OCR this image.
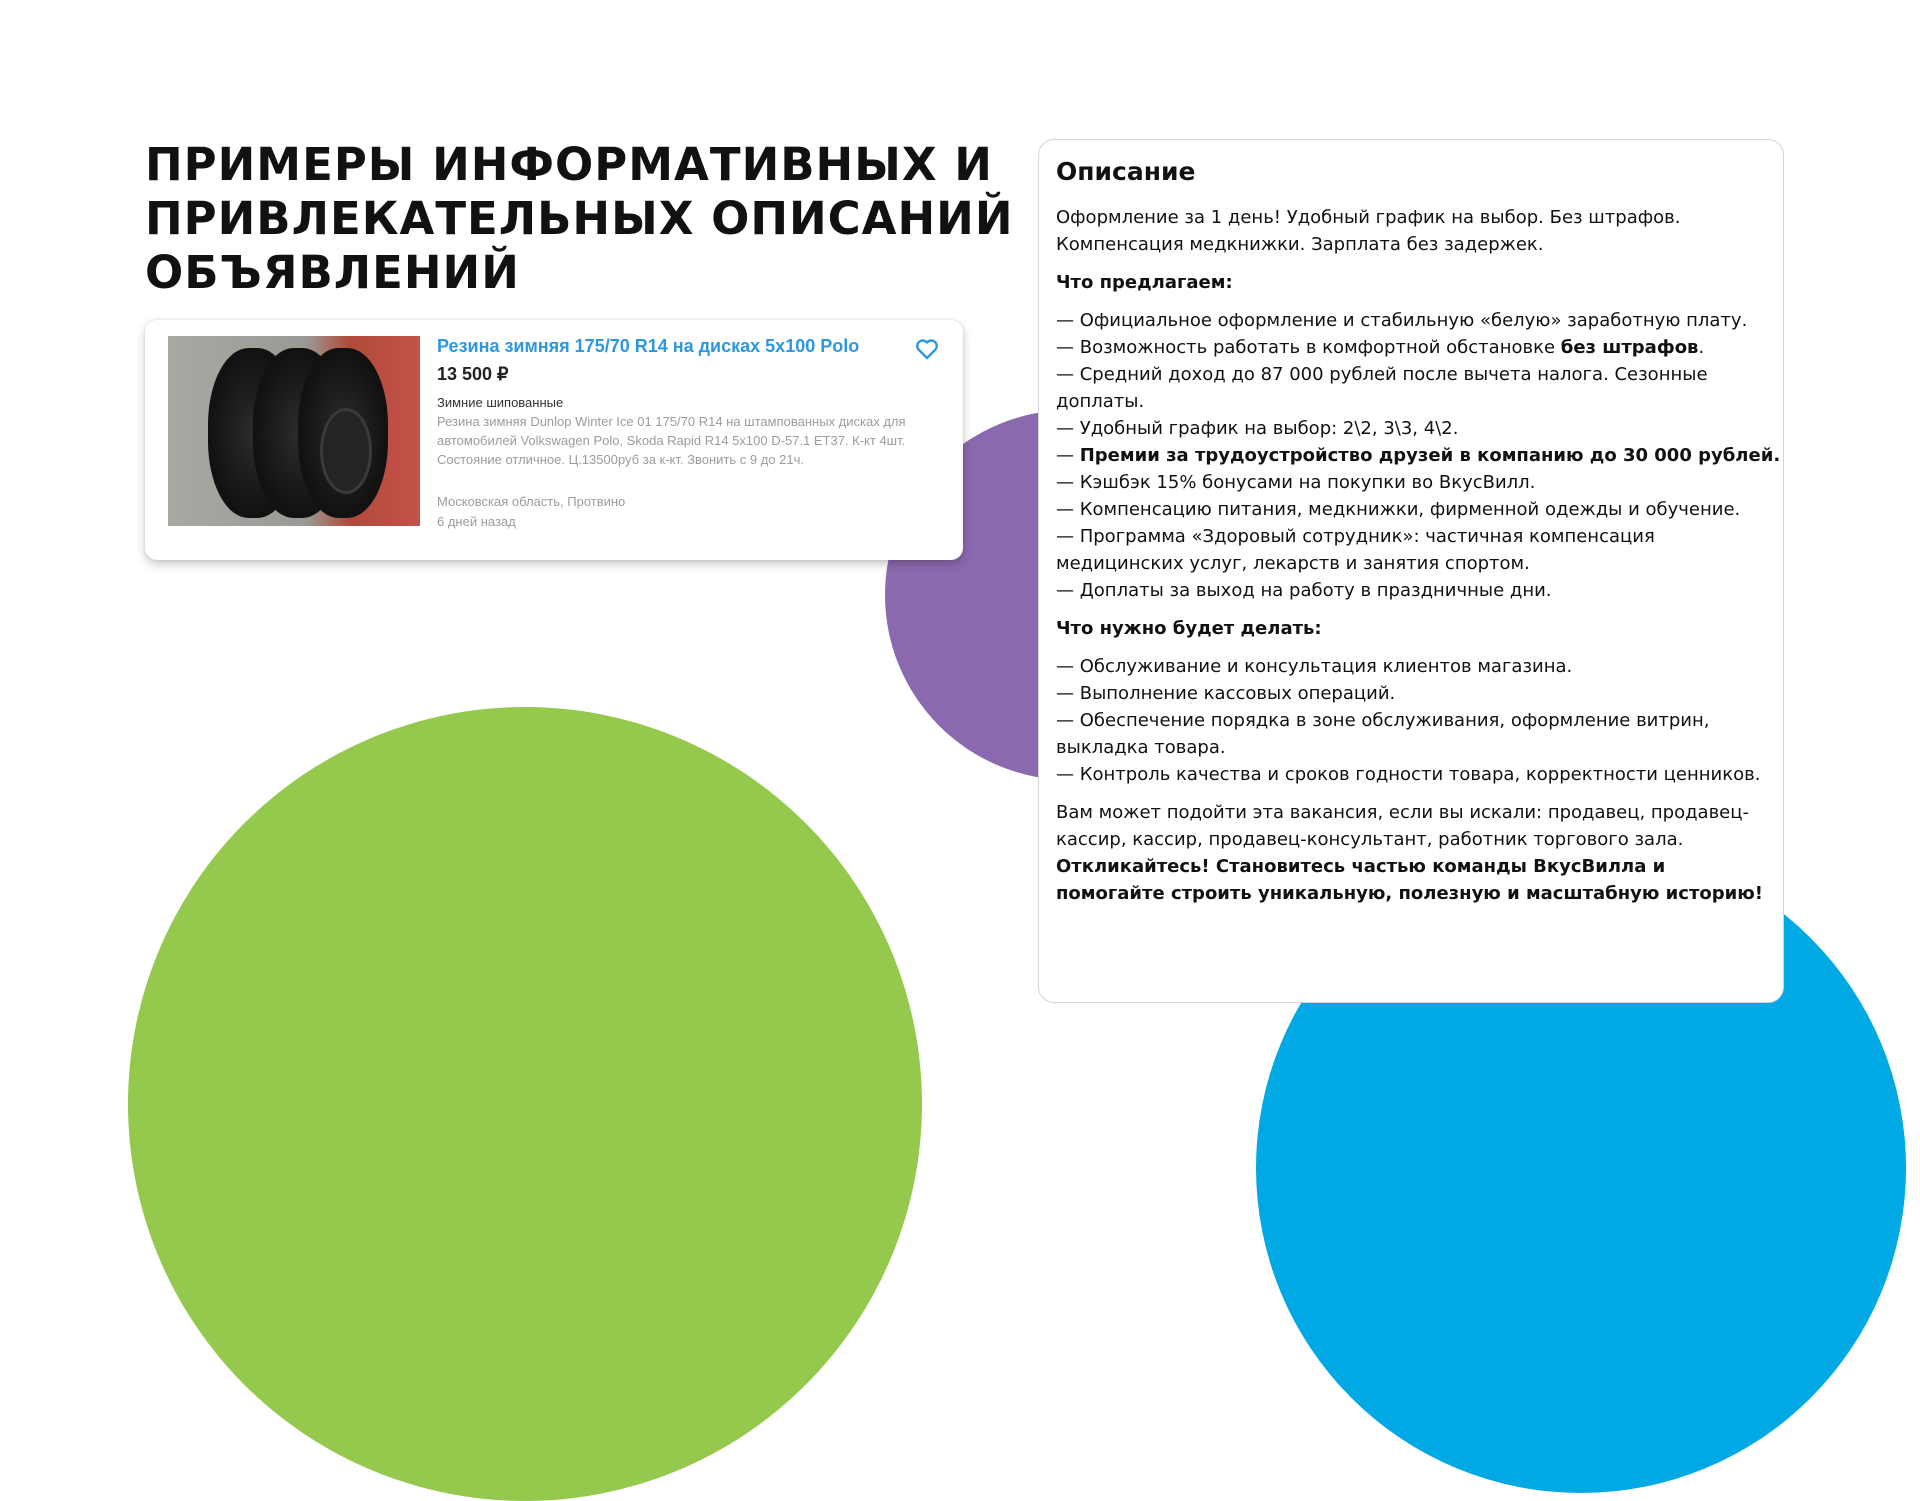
ПРИМЕРЫ ИНФОРМАТИВНЫХ И
ПРИВЛЕКАТЕЛЬНЫХ ОПИСАНИЙ
ОБЪЯВЛЕНИЙ
Резина зимняя 175/70 R14 на дисках 5x100 Polo
13 500 ₽
Зимние шипованные
Резина зимняя Dunlop Winter Ice 01 175/70 R14 на штампованных дисках для автомобилей Volkswagen Polo, Skoda Rapid R14 5x100 D-57.1 ET37. К-кт 4шт. Состояние отличное. Ц.13500руб за к-кт. Звонить с 9 до 21ч.
Московская область, Протвино
6 дней назад
Описание

Оформление за 1 день! Удобный график на выбор. Без штрафов. Компенсация медкнижки. Зарплата без задержек.

Что предлагаем:

— Официальное оформление и стабильную «белую» заработную плату.

— Возможность работать в комфортной обстановке без штрафов.

— Средний доход до 87 000 рублей после вычета налога. Сезонные доплаты.

— Удобный график на выбор: 2\2, 3\3, 4\2.

— Премии за трудоустройство друзей в компанию до 30 000 рублей.

— Кэшбэк 15% бонусами на покупки во ВкусВилл.

— Компенсацию питания, медкнижки, фирменной одежды и обучение.

— Программа «Здоровый сотрудник»: частичная компенсация медицинских услуг, лекарств и занятия спортом.

— Доплаты за выход на работу в праздничные дни.

Что нужно будет делать:

— Обслуживание и консультация клиентов магазина.

— Выполнение кассовых операций.

— Обеспечение порядка в зоне обслуживания, оформление витрин, выкладка товара.

— Контроль качества и сроков годности товара, корректности ценников.

Вам может подойти эта вакансия, если вы искали: продавец, продавец-кассир, кассир, продавец-консультант, работник торгового зала.

Откликайтесь! Становитесь частью команды ВкусВилла и помогайте строить уникальную, полезную и масштабную историю!
